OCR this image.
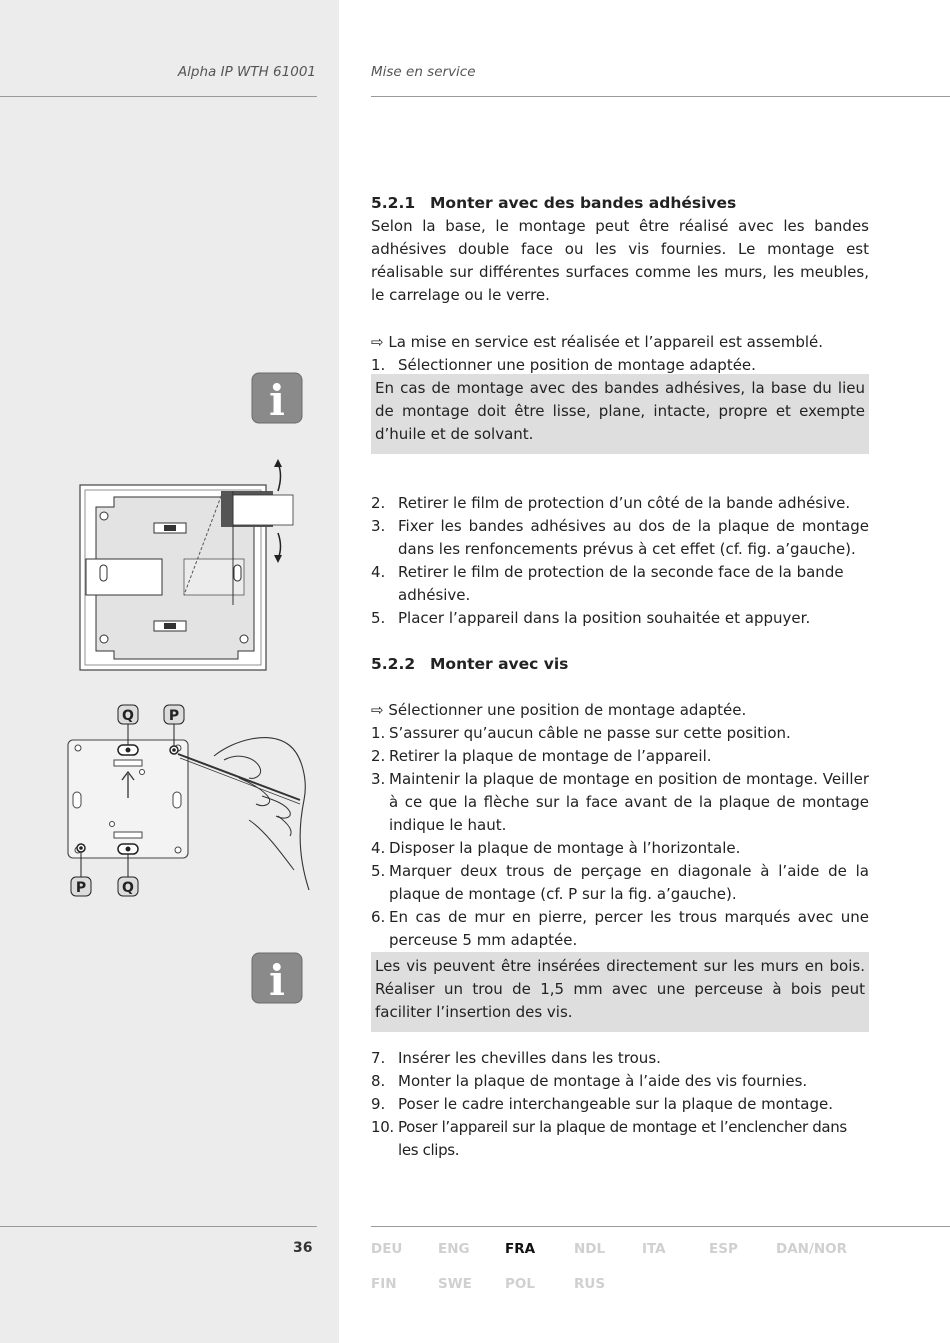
Alpha IP WTH 61001	Mise en service

5.2.1 Monter avec des bandes adhésives

Selon la base, le montage peut être réalisé avec les bandes adhésives double face ou les vis fournies. Le montage est réalisable sur différentes surfaces comme les murs, les meubles, le carrelage ou le verre.

⇨ La mise en service est réalisée et l’appareil est assemblé.

1. Sélectionner une position de montage adaptée.
En cas de montage avec des bandes adhésives, la base du lieu de montage doit être lisse, plane, intacte, propre et exempte d’huile et de solvant.
2. Retirer le film de protection d’un côté de la bande adhésive.
3. Fixer les bandes adhésives au dos de la plaque de montage dans les renfoncements prévus à cet effet (cf. fig. a’gauche).
4. Retirer le film de protection de la seconde face de la bande adhésive.
5. Placer l’appareil dans la position souhaitée et appuyer.

5.2.2 Monter avec vis

⇨ Sélectionner une position de montage adaptée.

1. S’assurer qu’aucun câble ne passe sur cette position.
2. Retirer la plaque de montage de l’appareil.
3. Maintenir la plaque de montage en position de montage. Veiller à ce que la flèche sur la face avant de la plaque de montage indique le haut.
4. Disposer la plaque de montage à l’horizontale.
5. Marquer deux trous de perçage en diagonale à l’aide de la plaque de montage (cf. P sur la fig. a’gauche).
6. En cas de mur en pierre, percer les trous marqués avec une perceuse 5 mm adaptée.
Les vis peuvent être insérées directement sur les murs en bois. Réaliser un trou de 1,5 mm avec une perceuse à bois peut faciliter l’insertion des vis.
7. Insérer les chevilles dans les trous.
8. Monter la plaque de montage à l’aide des vis fournies.
9. Poser le cadre interchangeable sur la plaque de montage.
10. Poser l’appareil sur la plaque de montage et l’enclencher dans les clips.
i
i
Q P
P	Q
36	DEU	ENG	FRA	NDL	ITA	ESP	DAN/NOR
FIN	SWE POL	RUS
